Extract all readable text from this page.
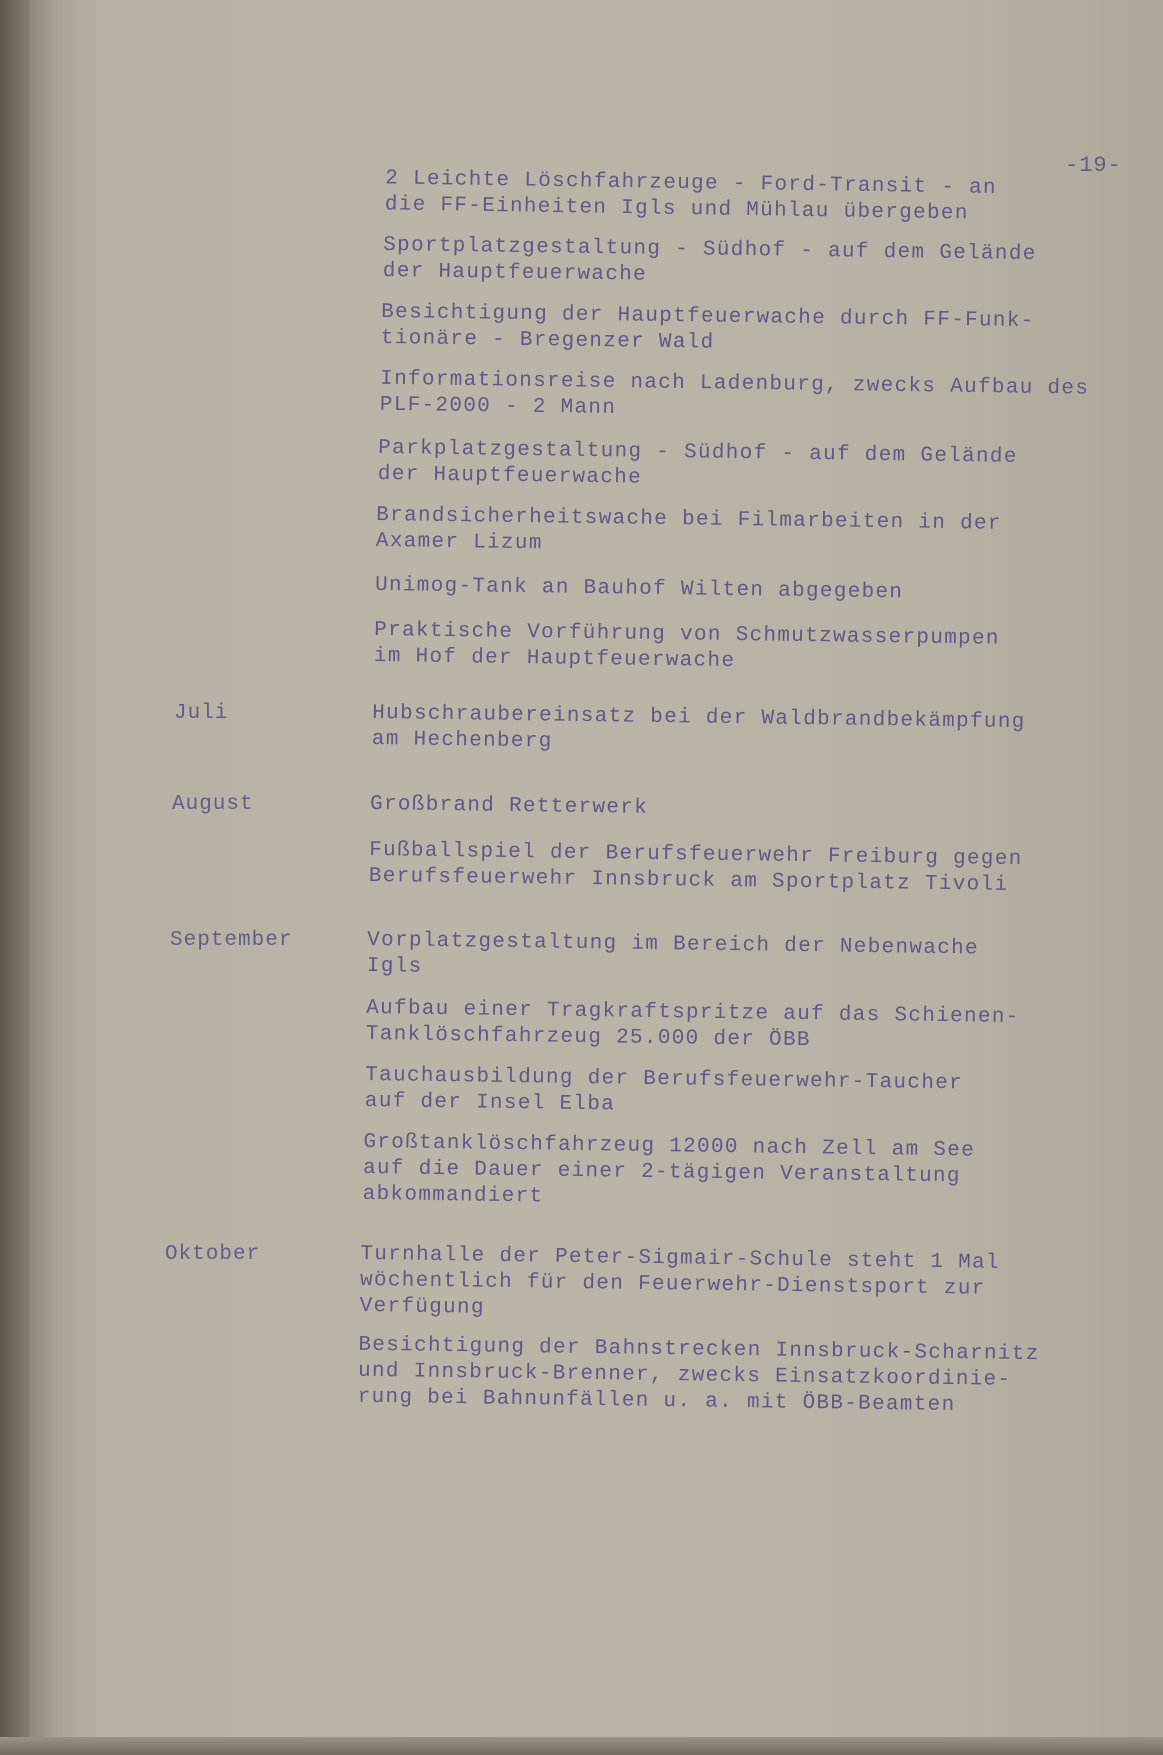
-19-
2 Leichte Löschfahrzeuge - Ford-Transit - an
die FF-Einheiten Igls und Mühlau übergeben
Sportplatzgestaltung - Südhof - auf dem Gelände
der Hauptfeuerwache
Besichtigung der Hauptfeuerwache durch FF-Funk-
tionäre - Bregenzer Wald
Informationsreise nach Ladenburg, zwecks Aufbau des
PLF-2000 - 2 Mann
Parkplatzgestaltung - Südhof - auf dem Gelände
der Hauptfeuerwache
Brandsicherheitswache bei Filmarbeiten in der
Axamer Lizum
Unimog-Tank an Bauhof Wilten abgegeben
Praktische Vorführung von Schmutzwasserpumpen
im Hof der Hauptfeuerwache
Juli	Hubschraubereinsatz bei der Waldbrandbekämpfung
am Hechenberg
August	Großbrand Retterwerk
Fußballspiel der Berufsfeuerwehr Freiburg gegen
Berufsfeuerwehr Innsbruck am Sportplatz Tivoli
September	Vorplatzgestaltung im Bereich der Nebenwache
Igls
Aufbau einer Tragkraftspritze auf das Schienen-
Tanklöschfahrzeug 25.000 der ÖBB
Tauchausbildung der Berufsfeuerwehr-Taucher
auf der Insel Elba
Großtanklöschfahrzeug 12000 nach Zell am See
auf die Dauer einer 2-tägigen Veranstaltung
abkommandiert
Oktober	Turnhalle der Peter-Sigmair-Schule steht 1 Mal
wöchentlich für den Feuerwehr-Dienstsport zur
Verfügung
Besichtigung der Bahnstrecken Innsbruck-Scharnitz
und Innsbruck-Brenner, zwecks Einsatzkoordinie-
rung bei Bahnunfällen u. a. mit ÖBB-Beamten
